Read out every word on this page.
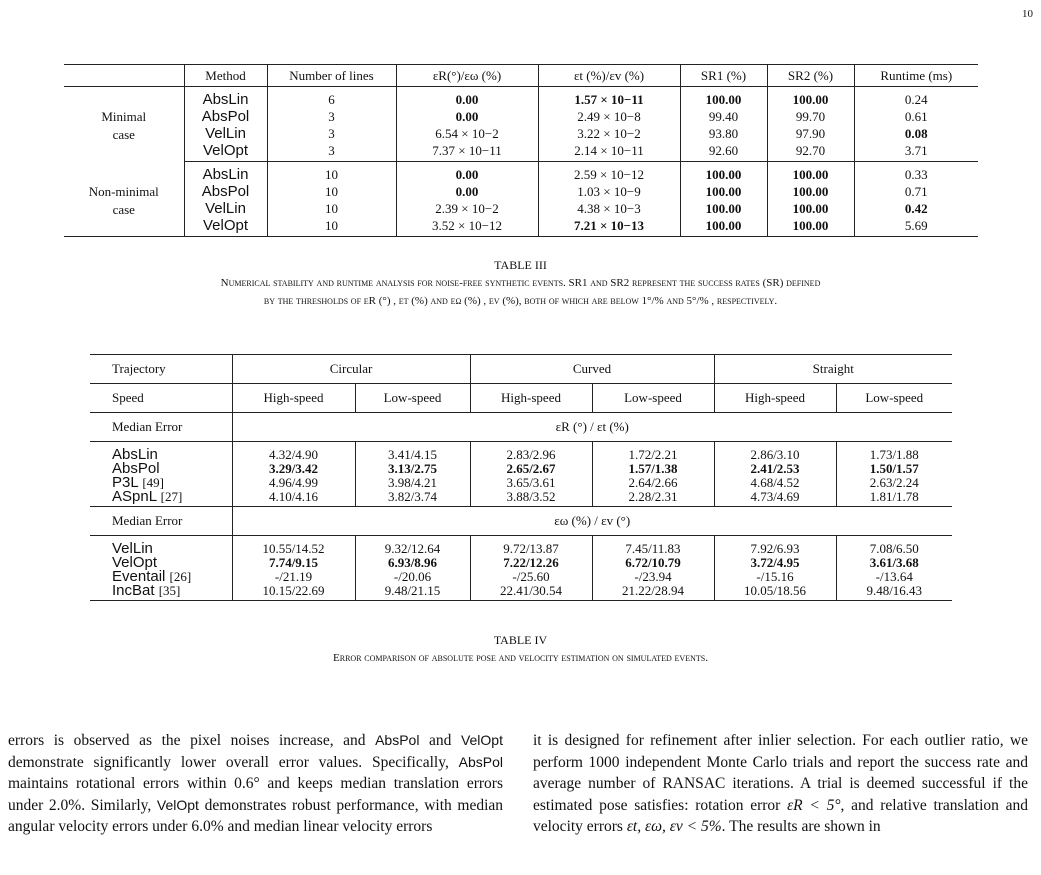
10
	Method	Number of lines	εR(°)/εω (%)	εt (%)/εv (%)	SR1 (%)	SR2 (%)	Runtime (ms)
Minimal
case	AbsLin	6	0.00	1.57 × 10−11	100.00	100.00	0.24
	AbsPol	3	0.00	2.49 × 10−8	99.40	99.70	0.61
	VelLin	3	6.54 × 10−2	3.22 × 10−2	93.80	97.90	0.08
	VelOpt	3	7.37 × 10−11	2.14 × 10−11	92.60	92.70	3.71
Non-minimal
case	AbsLin	10	0.00	2.59 × 10−12	100.00	100.00	0.33
	AbsPol	10	0.00	1.03 × 10−9	100.00	100.00	0.71
	VelLin	10	2.39 × 10−2	4.38 × 10−3	100.00	100.00	0.42
	VelOpt	10	3.52 × 10−12	7.21 × 10−13	100.00	100.00	5.69
TABLE III
Numerical stability and runtime analysis for noise-free synthetic events. SR1 and SR2 represent the success rates (SR) defined
by the thresholds of εR (°) , εt (%) and εω (%) , εv (%), both of which are below 1°/% and 5°/% , respectively.
Trajectory	Circular		Curved		Straight	
Speed	High-speed	Low-speed	High-speed	Low-speed	High-speed	Low-speed
Median Error	εR (°) / εt (%)					
AbsLin	4.32/4.90	3.41/4.15	2.83/2.96	1.72/2.21	2.86/3.10	1.73/1.88
AbsPol	3.29/3.42	3.13/2.75	2.65/2.67	1.57/1.38	2.41/2.53	1.50/1.57
P3L [49]	4.96/4.99	3.98/4.21	3.65/3.61	2.64/2.66	4.68/4.52	2.63/2.24
ASpnL [27]	4.10/4.16	3.82/3.74	3.88/3.52	2.28/2.31	4.73/4.69	1.81/1.78
Median Error	εω (%) / εv (°)					
VelLin	10.55/14.52	9.32/12.64	9.72/13.87	7.45/11.83	7.92/6.93	7.08/6.50
VelOpt	7.74/9.15	6.93/8.96	7.22/12.26	6.72/10.79	3.72/4.95	3.61/3.68
Eventail [26]	-/21.19	-/20.06	-/25.60	-/23.94	-/15.16	-/13.64
IncBat [35]	10.15/22.69	9.48/21.15	22.41/30.54	21.22/28.94	10.05/18.56	9.48/16.43
TABLE IV
Error comparison of absolute pose and velocity estimation on simulated events.

errors is observed as the pixel noises increase, and AbsPol and VelOpt demonstrate significantly lower overall error values. Specifically, AbsPol maintains rotational errors within 0.6° and keeps median translation errors under 2.0%. Similarly, VelOpt demonstrates robust performance, with median angular velocity errors under 6.0% and median linear velocity errors

it is designed for refinement after inlier selection. For each outlier ratio, we perform 1000 independent Monte Carlo trials and report the success rate and average number of RANSAC iterations. A trial is deemed successful if the estimated pose satisfies: rotation error εR < 5°, and relative translation and velocity errors εt, εω, εv < 5%. The results are shown in
